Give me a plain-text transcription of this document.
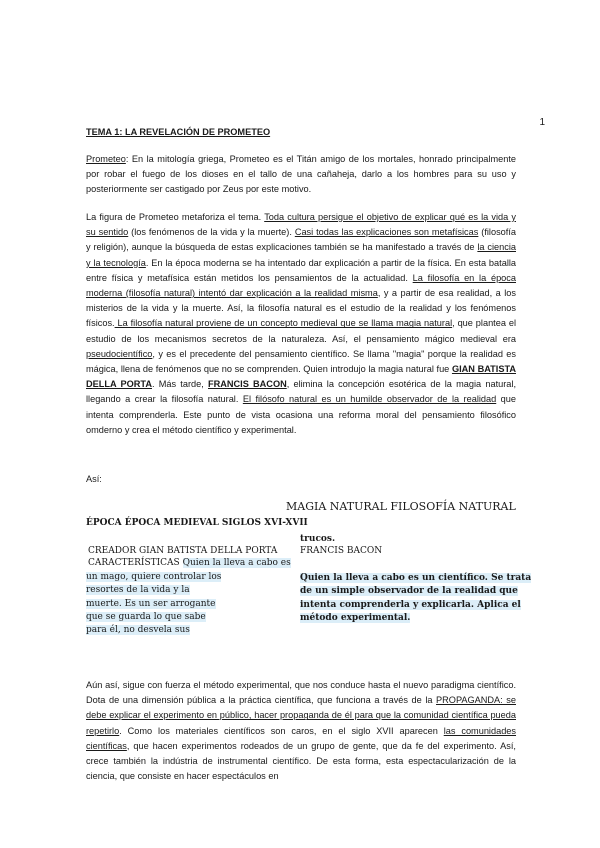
1
TEMA 1: LA REVELACIÓN DE PROMETEO

Prometeo: En la mitología griega, Prometeo es el Titán amigo de los mortales, honrado principalmente por robar el fuego de los dioses en el tallo de una cañaheja, darlo a los hombres para su uso y posteriormente ser castigado por Zeus por este motivo.

La figura de Prometeo metaforiza el tema. Toda cultura persigue el objetivo de explicar qué es la vida y su sentido (los fenómenos de la vida y la muerte). Casi todas las explicaciones son metafísicas (filosofía y religión), aunque la búsqueda de estas explicaciones también se ha manifestado a través de la ciencia y la tecnología. En la época moderna se ha intentado dar explicación a partir de la física. En esta batalla entre física y metafísica están metidos los pensamientos de la actualidad. La filosofía en la época moderna (filosofía natural) intentó dar explicación a la realidad misma, y a partir de esa realidad, a los misterios de la vida y la muerte. Así, la filosofía natural es el estudio de la realidad y los fenómenos físicos. La filosofía natural proviene de un concepto medieval que se llama magia natural, que plantea el estudio de los mecanismos secretos de la naturaleza. Así, el pensamiento mágico medieval era pseudocientífico, y es el precedente del pensamiento científico. Se llama "magia" porque la realidad es mágica, llena de fenómenos que no se comprenden. Quien introdujo la magia natural fue GIAN BATISTA DELLA PORTA. Más tarde, FRANCIS BACON, elimina la concepción esotérica de la magia natural, llegando a crear la filosofía natural. El filósofo natural es un humilde observador de la realidad que intenta comprenderla. Este punto de vista ocasiona una reforma moral del pensamiento filosófico omderno y crea el método científico y experimental.

Así:
MAGIA NATURAL FILOSOFÍA NATURAL
ÉPOCA ÉPOCA MEDIEVAL SIGLOS XVI-XVII
trucos.
CREADOR GIAN BATISTA DELLA PORTA	FRANCIS BACON
CARACTERÍSTICAS Quien la lleva a cabo es
un mago, quiere controlar los
resortes de la vida y la
muerte. Es un ser arrogante
que se guarda lo que sabe
para él, no desvela sus
Quien la lleva a cabo es un científico. Se trata
de un simple observador de la realidad que
intenta comprenderla y explicarla. Aplica el
método experimental.

Aún así, sigue con fuerza el método experimental, que nos conduce hasta el nuevo paradigma científico. Dota de una dimensión pública a la práctica científica, que funciona a través de la PROPAGANDA: se debe explicar el experimento en público, hacer propaganda de él para que la comunidad científica pueda repetirlo. Como los materiales científicos son caros, en el siglo XVII aparecen las comunidades científicas, que hacen experimentos rodeados de un grupo de gente, que da fe del experimento. Así, crece también la indústria de instrumental científico. De esta forma, esta espectacularización de la ciencia, que consiste en hacer espectáculos en
